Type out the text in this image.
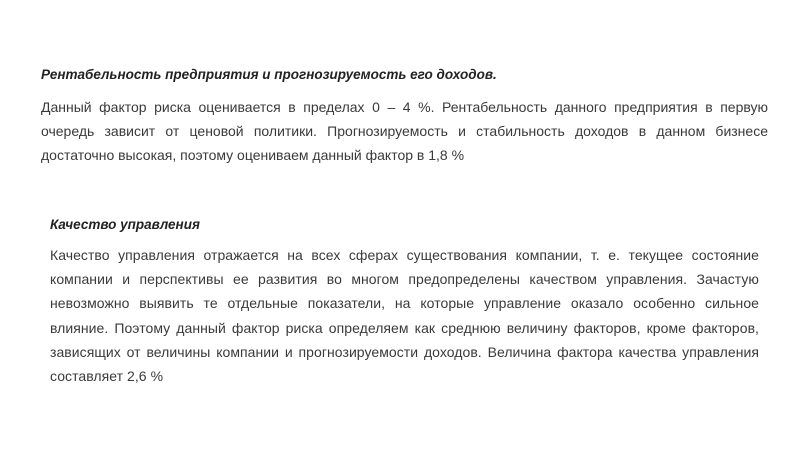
Рентабельность предприятия и прогнозируемость его доходов.

Данный фактор риска оценивается в пределах 0 – 4 %. Рентабельность данного предприятия в первую очередь зависит от ценовой политики. Прогнозируемость и стабильность доходов в данном бизнесе достаточно высокая, поэтому оцениваем данный фактор в 1,8 %

Качество управления

Качество управления отражается на всех сферах существования компании, т. е. текущее состояние компании и перспективы ее развития во многом предопределены качеством управления. Зачастую невозможно выявить те отдельные показатели, на которые управление оказало особенно сильное влияние. Поэтому данный фактор риска определяем как среднюю величину факторов, кроме факторов, зависящих от величины компании и прогнозируемости доходов. Величина фактора качества управления составляет 2,6 %
